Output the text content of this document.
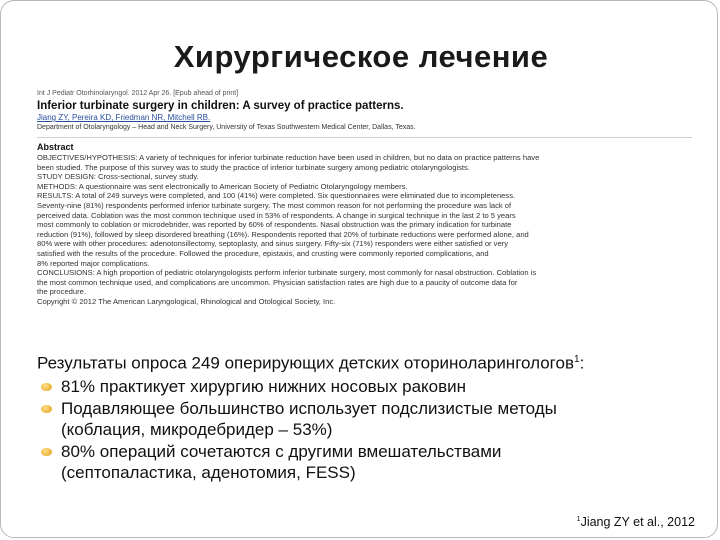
Хирургическое лечение
Int J Pediatr Otorhinolaryngol. 2012 Apr 26. [Epub ahead of print]
Inferior turbinate surgery in children: A survey of practice patterns.
Jiang ZY, Pereira KD, Friedman NR, Mitchell RB.
Department of Otolaryngology – Head and Neck Surgery, University of Texas Southwestern Medical Center, Dallas, Texas.
Abstract
OBJECTIVES/HYPOTHESIS: A variety of techniques for inferior turbinate reduction have been used in children, but no data on practice patterns have
been studied. The purpose of this survey was to study the practice of inferior turbinate surgery among pediatric otolaryngologists.
STUDY DESIGN: Cross-sectional, survey study.
METHODS: A questionnaire was sent electronically to American Society of Pediatric Otolaryngology members.
RESULTS: A total of 249 surveys were completed, and 100 (41%) were completed. Six questionnaires were eliminated due to incompleteness.
Seventy-nine (81%) respondents performed inferior turbinate surgery. The most common reason for not performing the procedure was lack of
perceived data. Coblation was the most common technique used in 53% of respondents. A change in surgical technique in the last 2 to 5 years
most commonly to coblation or microdebrider, was reported by 60% of respondents. Nasal obstruction was the primary indication for turbinate
reduction (91%), followed by sleep disordered breathing (16%). Respondents reported that 20% of turbinate reductions were performed alone, and
80% were with other procedures: adenotonsillectomy, septoplasty, and sinus surgery. Fifty-six (71%) responders were either satisfied or very
satisfied with the results of the procedure. Followed the procedure, epistaxis, and crusting were commonly reported complications, and
8% reported major complications.
CONCLUSIONS: A high proportion of pediatric otolaryngologists perform inferior turbinate surgery, most commonly for nasal obstruction. Coblation is
the most common technique used, and complications are uncommon. Physician satisfaction rates are high due to a paucity of outcome data for
the procedure.
Copyright © 2012 The American Laryngological, Rhinological and Otological Society, Inc.
Результаты опроса 249 оперирующих детских оториноларингологов$^1$:
81% практикует хирургию нижних носовых раковин
Подавляющее большинство использует подслизистые методы
(коблация, микродебридер – 53%)
80% операций сочетаются с другими вмешательствами
(септопаластика, аденотомия, FESS)
$^1$Jiang ZY et al., 2012
